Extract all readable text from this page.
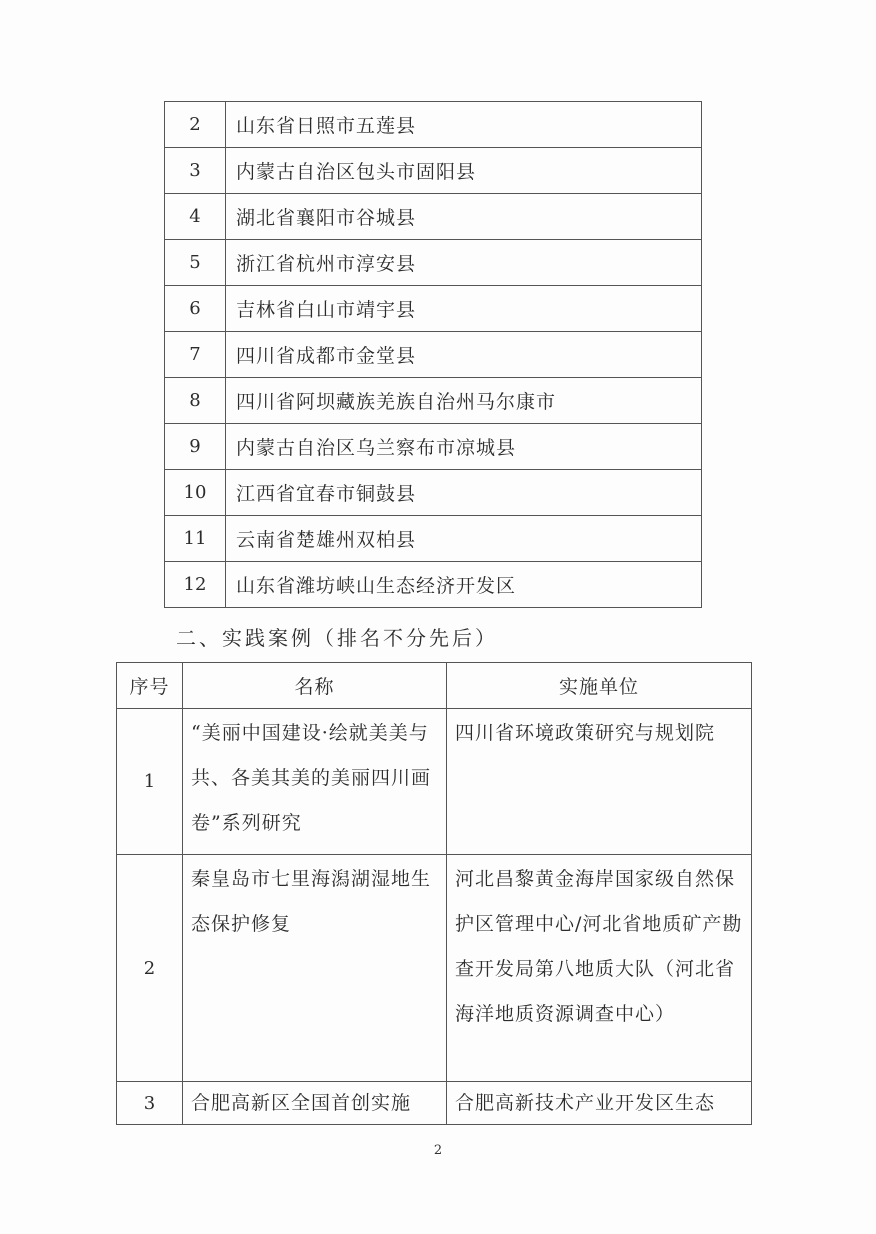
2	山东省日照市五莲县
3	内蒙古自治区包头市固阳县
4	湖北省襄阳市谷城县
5	浙江省杭州市淳安县
6	吉林省白山市靖宇县
7	四川省成都市金堂县
8	四川省阿坝藏族羌族自治州马尔康市
9	内蒙古自治区乌兰察布市凉城县
10	江西省宜春市铜鼓县
11	云南省楚雄州双柏县
12	山东省潍坊峡山生态经济开发区
二、实践案例（排名不分先后）
序号	名称	实施单位
1	“美丽中国建设·绘就美美与共、各美其美的美丽四川画卷”系列研究	四川省环境政策研究与规划院
2	秦皇岛市七里海潟湖湿地生态保护修复	河北昌黎黄金海岸国家级自然保护区管理中心/河北省地质矿产勘查开发局第八地质大队（河北省海洋地质资源调查中心）
3	合肥高新区全国首创实施	合肥高新技术产业开发区生态
2
